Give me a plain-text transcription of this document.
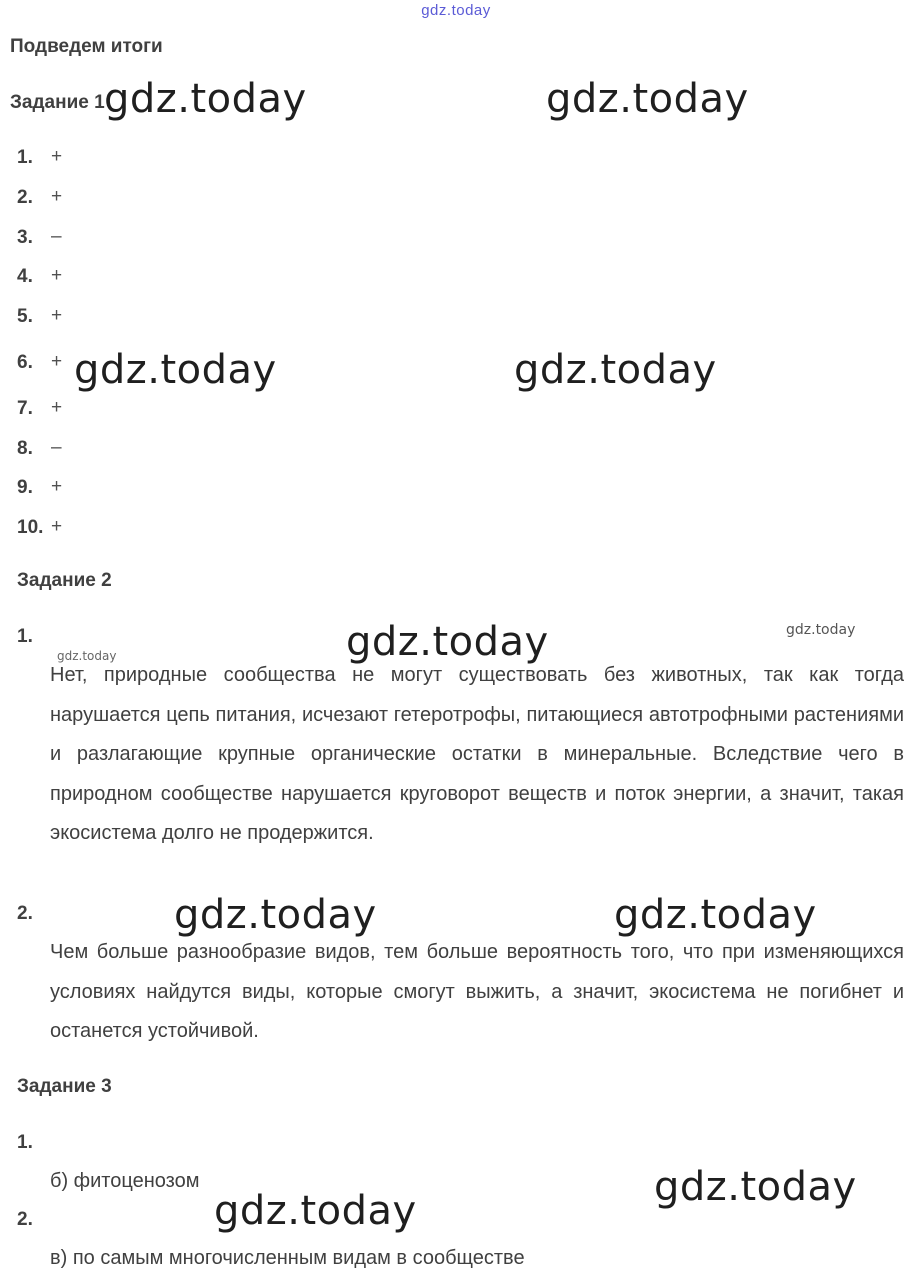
gdz.today
Подведем итоги
Задание 1
1. +
2. +
3. –
4. +
5. +
6. +
7. +
8. –
9. +
10. +
Задание 2
1.
Нет, природные сообщества не могут существовать без животных, так как тогда нарушается цепь питания, исчезают гетеротрофы, питающиеся автотрофными растениями и разлагающие крупные органические остатки в минеральные. Вследствие чего в природном сообществе нарушается круговорот веществ и поток энергии, а значит, такая экосистема долго не продержится.
2.
Чем больше разнообразие видов, тем больше вероятность того, что при изменяющихся условиях найдутся виды, которые смогут выжить, а значит, экосистема не погибнет и останется устойчивой.
Задание 3
1.
б) фитоценозом
2.
в) по самым многочисленным видам в сообществе
gdz.today	gdz.today
gdz.today	gdz.today
gdz.today
gdz.today	gdz.today
gdz.today
gdz.today
gdz.today
gdz.today
